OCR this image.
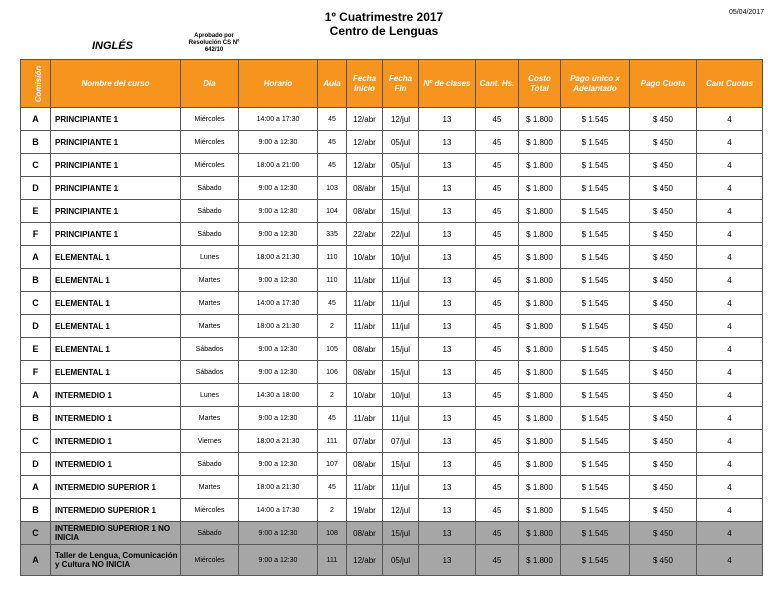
1º Cuatrimestre 2017
Centro de Lenguas
05/04/2017
INGLÉS
Aprobado por
Resolución CS Nº
642/10
Comisión	Nombre del curso	Día	Horario	Aula	Fecha Inicio	Fecha Fin	Nº de clases	Cant. Hs.	Costo Total	Pago único x Adelantado	Pago Cuota	Cant Cuotas
A	PRINCIPIANTE 1	Miércoles	14:00 a 17:30	45	12/abr	12/jul	13	45	$ 1.800	$ 1.545	$ 450	4
B	PRINCIPIANTE 1	Miércoles	9:00 a 12:30	45	12/abr	05/jul	13	45	$ 1.800	$ 1.545	$ 450	4
C	PRINCIPIANTE 1	Miércoles	18:00 a 21:00	45	12/abr	05/jul	13	45	$ 1.800	$ 1.545	$ 450	4
D	PRINCIPIANTE 1	Sábado	9:00 a 12:30	103	08/abr	15/jul	13	45	$ 1.800	$ 1.545	$ 450	4
E	PRINCIPIANTE 1	Sábado	9:00 a 12:30	104	08/abr	15/jul	13	45	$ 1.800	$ 1.545	$ 450	4
F	PRINCIPIANTE 1	Sábado	9:00 a 12:30	335	22/abr	22/jul	13	45	$ 1.800	$ 1.545	$ 450	4
A	ELEMENTAL 1	Lunes	18:00 a 21:30	110	10/abr	10/jul	13	45	$ 1.800	$ 1.545	$ 450	4
B	ELEMENTAL 1	Martes	9:00 a 12:30	110	11/abr	11/jul	13	45	$ 1.800	$ 1.545	$ 450	4
C	ELEMENTAL 1	Martes	14:00 a 17:30	45	11/abr	11/jul	13	45	$ 1.800	$ 1.545	$ 450	4
D	ELEMENTAL 1	Martes	18:00 a 21:30	2	11/abr	11/jul	13	45	$ 1.800	$ 1.545	$ 450	4
E	ELEMENTAL 1	Sábados	9:00 a 12:30	105	08/abr	15/jul	13	45	$ 1.800	$ 1.545	$ 450	4
F	ELEMENTAL 1	Sábados	9:00 a 12:30	106	08/abr	15/jul	13	45	$ 1.800	$ 1.545	$ 450	4
A	INTERMEDIO 1	Lunes	14:30 a 18:00	2	10/abr	10/jul	13	45	$ 1.800	$ 1.545	$ 450	4
B	INTERMEDIO 1	Martes	9:00 a 12:30	45	11/abr	11/jul	13	45	$ 1.800	$ 1.545	$ 450	4
C	INTERMEDIO 1	Viernes	18:00 a 21:30	111	07/abr	07/jul	13	45	$ 1.800	$ 1.545	$ 450	4
D	INTERMEDIO 1	Sábado	9:00 a 12:30	107	08/abr	15/jul	13	45	$ 1.800	$ 1.545	$ 450	4
A	INTERMEDIO SUPERIOR 1	Martes	18:00 a 21:30	45	11/abr	11/jul	13	45	$ 1.800	$ 1.545	$ 450	4
B	INTERMEDIO SUPERIOR 1	Miércoles	14:00 a 17:30	2	19/abr	12/jul	13	45	$ 1.800	$ 1.545	$ 450	4
C	INTERMEDIO SUPERIOR 1 NO INICIA	Sábado	9:00 a 12:30	108	08/abr	15/jul	13	45	$ 1.800	$ 1.545	$ 450	4
A	Taller de Lengua, Comunicación y Cultura NO INICIA	Miércoles	9:00 a 12:30	111	12/abr	05/jul	13	45	$ 1.800	$ 1.545	$ 450	4
